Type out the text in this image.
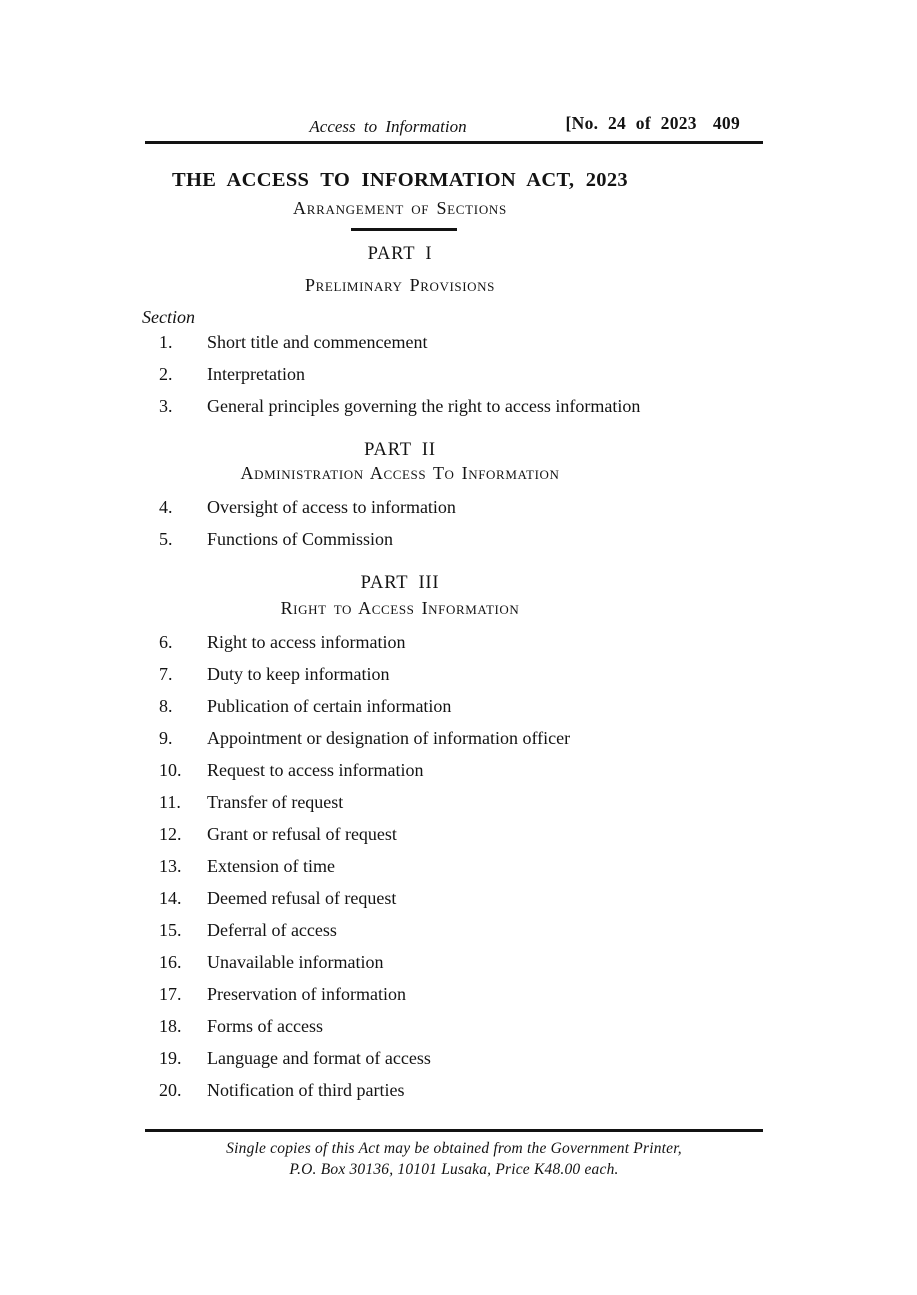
Access to Information	[No. 24 of 2023 409
THE ACCESS TO INFORMATION ACT, 2023
Arrangement of Sections
PART I
Preliminary Provisions
Section
1.	Short title and commencement
2.	Interpretation
3.	General principles governing the right to access information
PART II
Administration Access To Information
4.	Oversight of access to information
5.	Functions of Commission
PART III
Right to Access Information
6.	Right to access information
7.	Duty to keep information
8.	Publication of certain information
9.	Appointment or designation of information officer
10.	Request to access information
11.	Transfer of request
12.	Grant or refusal of request
13.	Extension of time
14.	Deemed refusal of request
15.	Deferral of access
16.	Unavailable information
17.	Preservation of information
18.	Forms of access
19.	Language and format of access
20.	Notification of third parties
Single copies of this Act may be obtained from the Government Printer,
P.O. Box 30136, 10101 Lusaka, Price K48.00 each.
